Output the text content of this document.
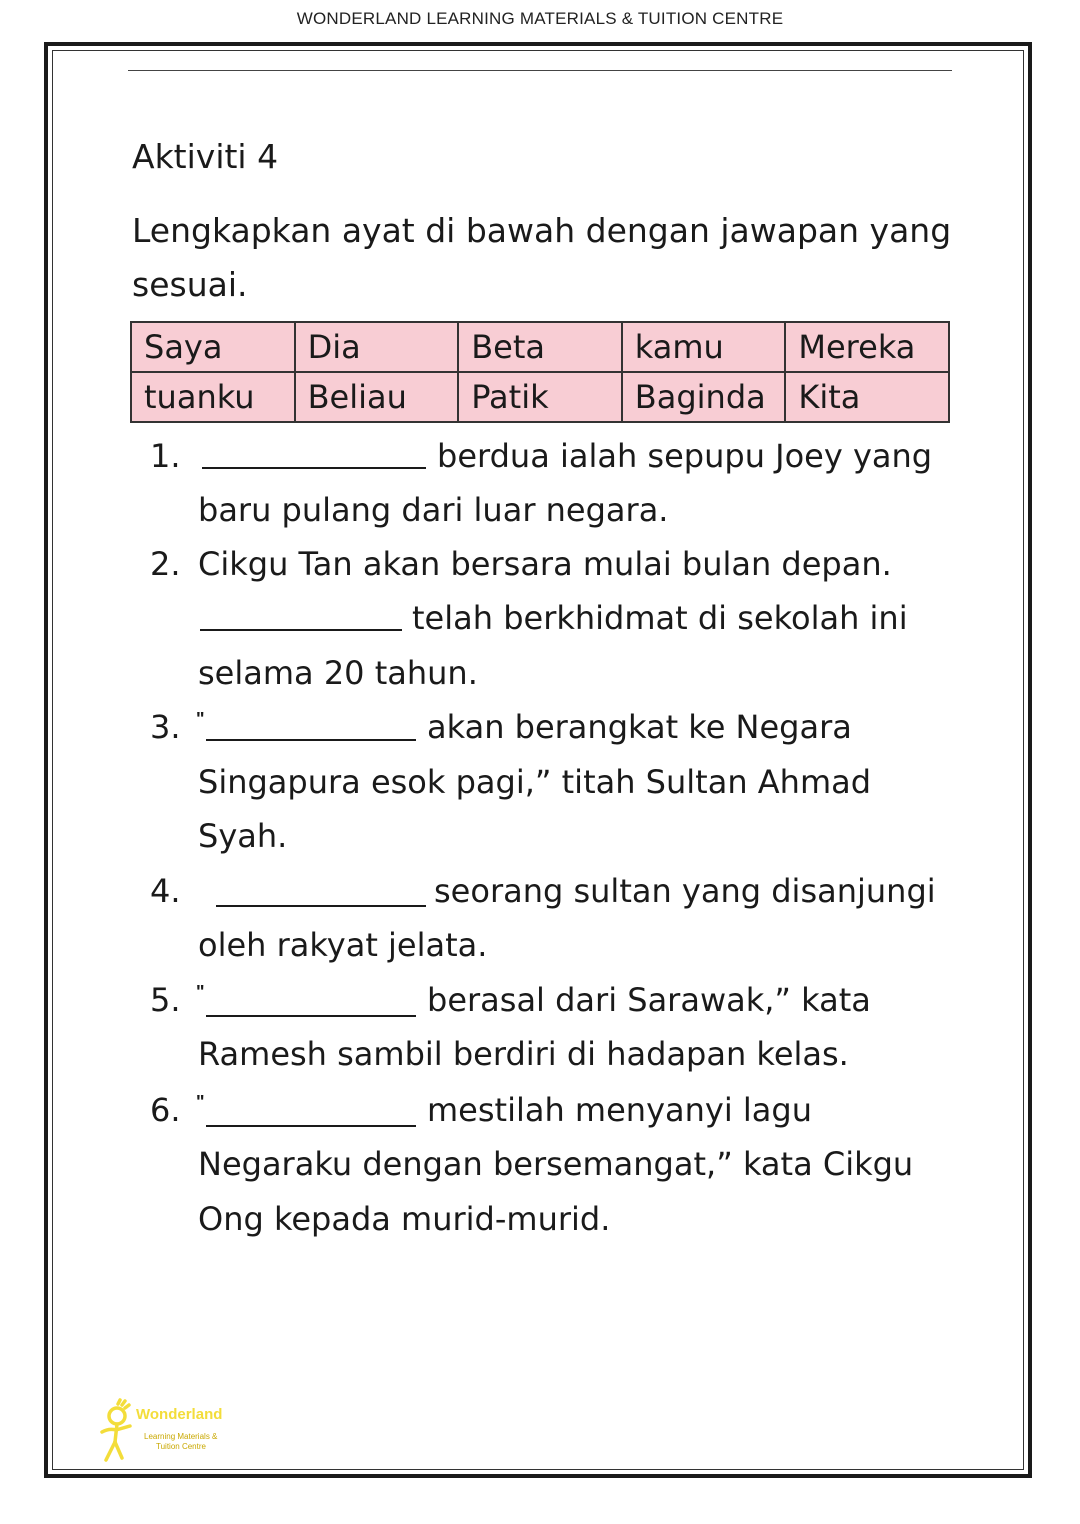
WONDERLAND LEARNING MATERIALS & TUITION CENTRE
Aktiviti 4
Lengkapkan ayat di bawah dengan jawapan yang sesuai.
Saya	Dia	Beta	kamu	Mereka
tuanku	Beliau	Patik	Baginda	Kita
1.	berdua ialah sepupu Joey yang
baru pulang dari luar negara.
2. Cikgu Tan akan bersara mulai bulan depan.
telah berkhidmat di sekolah ini
selama 20 tahun.
3. "	akan berangkat ke Negara
Singapura esok pagi,” titah Sultan Ahmad
Syah.
4.	seorang sultan yang disanjungi
oleh rakyat jelata.
5. "	berasal dari Sarawak,” kata
Ramesh sambil berdiri di hadapan kelas.
6. "	mestilah menyanyi lagu
Negaraku dengan bersemangat,” kata Cikgu
Ong kepada murid-murid.
Wonderland
Learning Materials &
Tuition Centre
